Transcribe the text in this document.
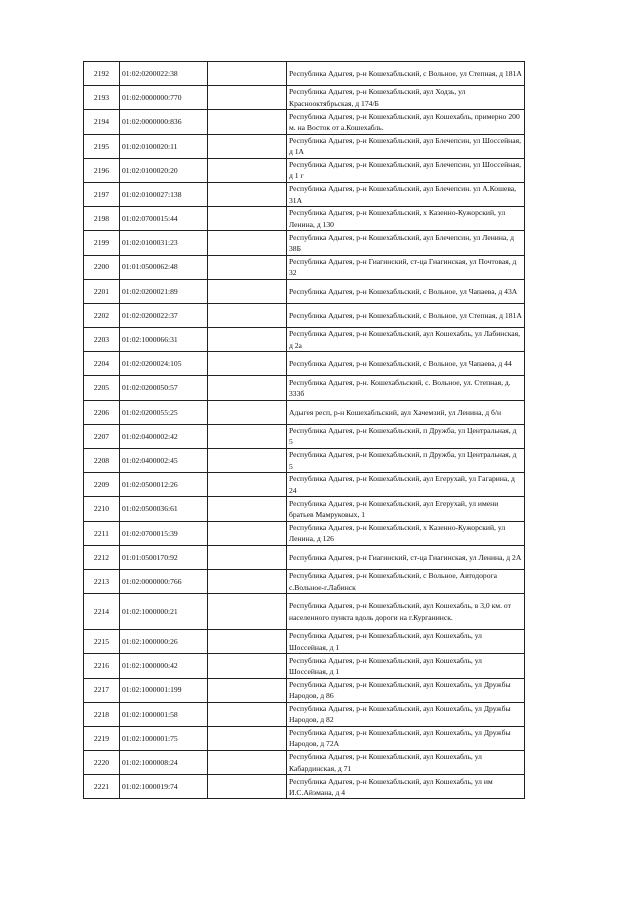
2192	01:02:0200022:38		Республика Адыгея, р-н Кошехабльский, с Вольное, ул Степная, д 181А
2193	01:02:0000000:770		Республика Адыгея, р-н Кошехабльский, аул Ходзь, ул Краснооктябрьская, д 174/Б
2194	01:02:0000000:836		Республика Адыгея, р-н Кошехабльский, аул Кошехабль, примерно 200 м. на Восток от а.Кошехабль.
2195	01:02:0100020:11		Республика Адыгея, р-н Кошехабльский, аул Блечепсин, ул Шоссейная, д 1А
2196	01:02:0100020:20		Республика Адыгея, р-н Кошехабльский, аул Блечепсин, ул Шоссейная, д 1 г
2197	01:02:0100027:138		Республика Адыгея, р-н Кошехабльский, аул Блечепсин. ул А.Кошева, 31А
2198	01:02:0700015:44		Республика Адыгея, р-н Кошехабльский, х Казенно-Кужорский, ул Ленина, д 130
2199	01:02:0100031:23		Республика Адыгея, р-н Кошехабльский, аул Блечепсин, ул Ленина, д 38Б
2200	01:01:0500062:48		Республика Адыгея, р-н Гиагинский, ст-ца Гиагинская, ул Почтовая, д 32
2201	01:02:0200021:89		Республика Адыгея, р-н Кошехабльский, с Вольное, ул Чапаева, д 43А
2202	01:02:0200022:37		Республика Адыгея, р-н Кошехабльский, с Вольное, ул Степная, д 181А
2203	01:02:1000066:31		Республика Адыгея, р-н Кошехабльский, аул Кошехабль, ул Лабинская, д 2а
2204	01:02:0200024:105		Республика Адыгея, р-н Кошехабльский, с Вольное, ул Чапаева, д 44
2205	01:02:0200050:57		Республика Адыгея, р-н. Кошехабльский, с. Вольное, ул. Степная, д. 333б
2206	01:02:0200055:25		Адыгея респ, р-н Кошехабльский, аул Хачемзий, ул Ленина, д б/н
2207	01:02:0400002:42		Республика Адыгея, р-н Кошехабльский, п Дружба, ул Центральная, д 5
2208	01:02:0400002:45		Республика Адыгея, р-н Кошехабльский, п Дружба, ул Центральная, д 5
2209	01:02:0500012:26		Республика Адыгея, р-н Кошехабльский, аул Егерухай, ул Гагарина, д 24
2210	01:02:0500036:61		Республика Адыгея, р-н Кошехабльский, аул Егерухай, ул имени братьев Мамруковых, 1
2211	01:02:0700015:39		Республика Адыгея, р-н Кошехабльский, х Казенно-Кужорский, ул Ленина, д 126
2212	01:01:0500170:92		Республика Адыгея, р-н Гиагинский, ст-ца Гиагинская, ул Ленина, д 2А
2213	01:02:0000000:766		Республика Адыгея, р-н Кошехабльский, с Вольное, Автодорога с.Вольное-г.Лабинск
2214	01:02:1000000:21		Республика Адыгея, р-н Кошехабльский, аул Кошехабль, в 3,0 км. от населенного пункта вдоль дороги на г.Курганинск.
2215	01:02:1000000:26		Республика Адыгея, р-н Кошехабльский, аул Кошехабль, ул Шоссейная, д 1
2216	01:02:1000000:42		Республика Адыгея, р-н Кошехабльский, аул Кошехабль, ул Шоссейная, д 1
2217	01:02:1000001:199		Республика Адыгея, р-н Кошехабльский, аул Кошехабль, ул Дружбы Народов, д 86
2218	01:02:1000001:58		Республика Адыгея, р-н Кошехабльский, аул Кошехабль, ул Дружбы Народов, д 82
2219	01:02:1000001:75		Республика Адыгея, р-н Кошехабльский, аул Кошехабль, ул Дружбы Народов, д 72А
2220	01:02:1000008:24		Республика Адыгея, р-н Кошехабльский, аул Кошехабль, ул Кабардинская, д 71
2221	01:02:1000019:74		Республика Адыгея, р-н Кошехабльский, аул Кошехабль, ул им И.С.Айэмана, д 4
